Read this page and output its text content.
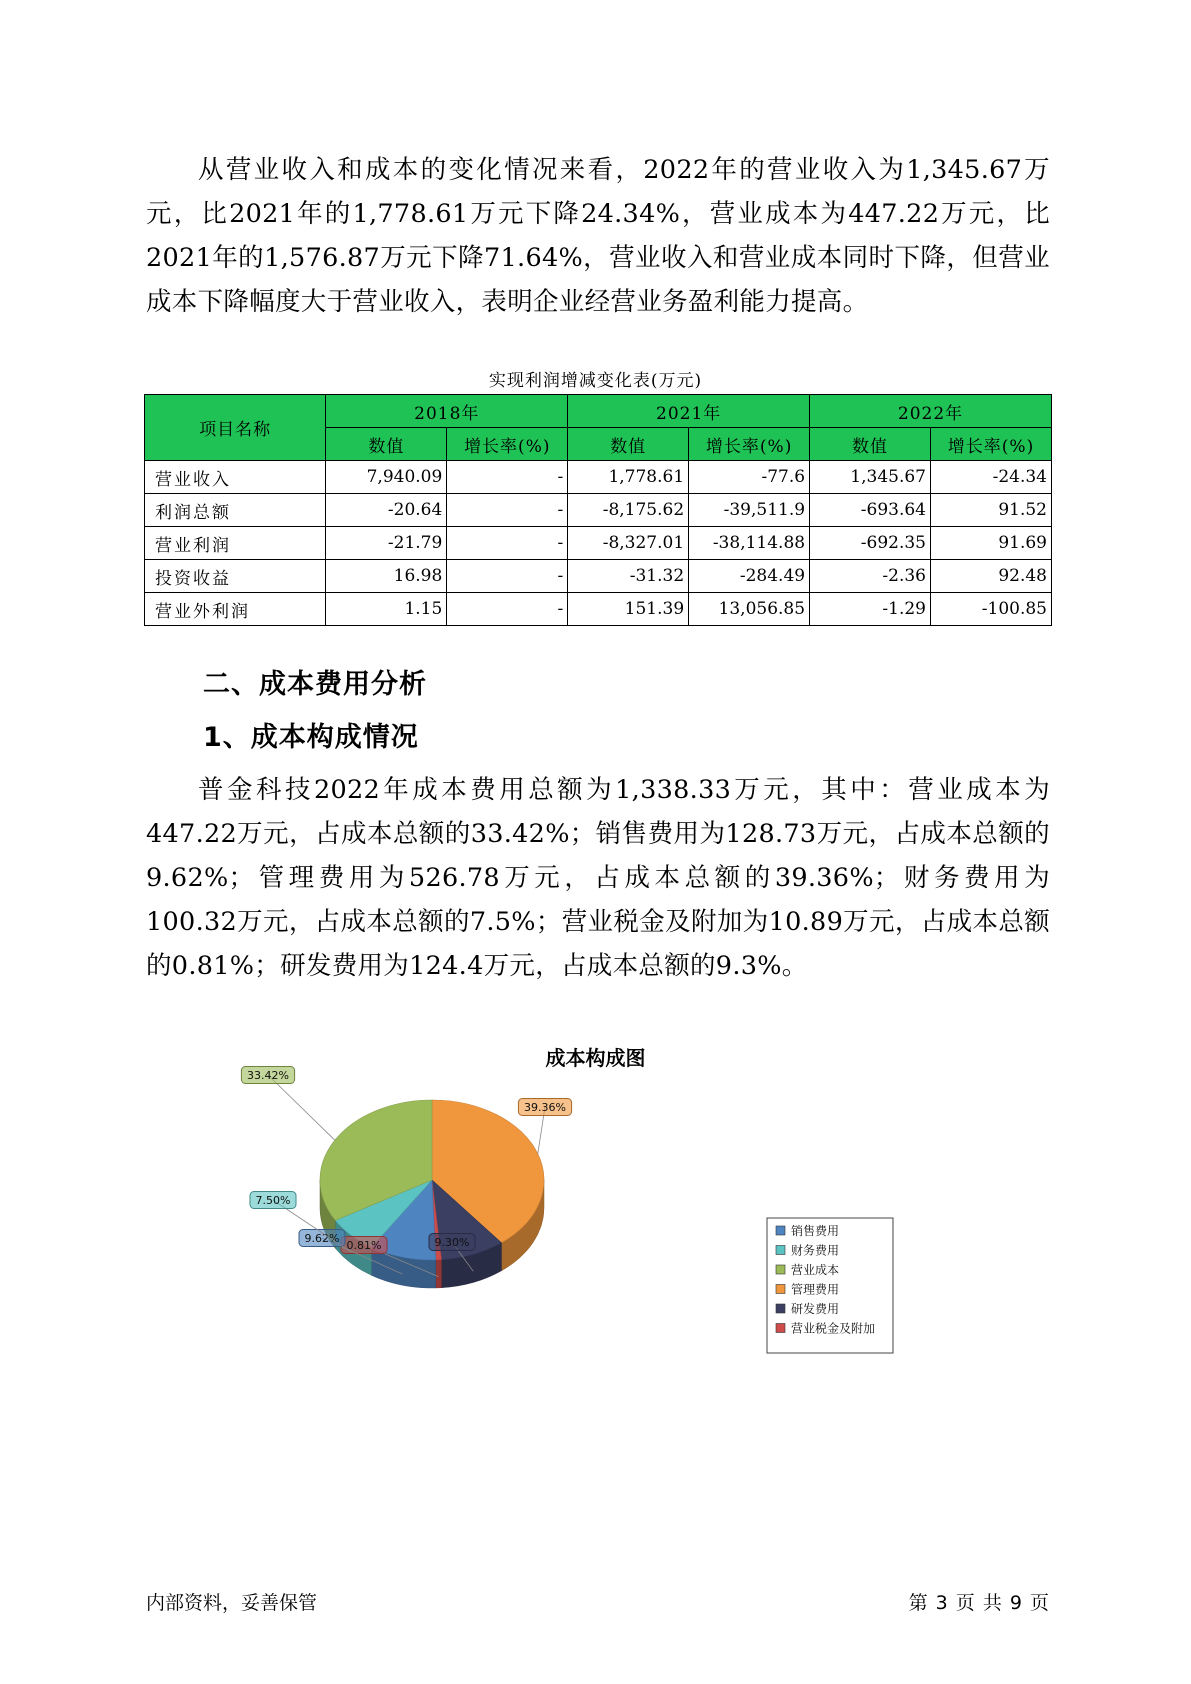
从营业收入和成本的变化情况来看，2022年的营业收入为1,345.67万元，比2021年的1,778.61万元下降24.34%，营业成本为447.22万元，比2021年的1,576.87万元下降71.64%，营业收入和营业成本同时下降，但营业成本下降幅度大于营业收入，表明企业经营业务盈利能力提高。

实现利润增减变化表(万元)
项目名称	2018年		2021年		2022年	
	数值	增长率(%)	数值	增长率(%)	数值	增长率(%)
营业收入	7,940.09	-	1,778.61	-77.6	1,345.67	-24.34
利润总额	-20.64	-	-8,175.62	-39,511.9	-693.64	91.52
营业利润	-21.79	-	-8,327.01	-38,114.88	-692.35	91.69
投资收益	16.98	-	-31.32	-284.49	-2.36	92.48
营业外利润	1.15	-	151.39	13,056.85	-1.29	-100.85
二、成本费用分析
1、成本构成情况

普金科技2022年成本费用总额为1,338.33万元，其中：营业成本为447.22万元，占成本总额的33.42%；销售费用为128.73万元，占成本总额的9.62%；管理费用为526.78万元，占成本总额的39.36%；财务费用为100.32万元，占成本总额的7.5%；营业税金及附加为10.89万元，占成本总额的0.81%；研发费用为124.4万元，占成本总额的9.3%。

成本构成图
39.36%
9.30%
0.81%
9.62%
7.50%
33.42%
销售费用
财务费用
营业成本
管理费用
研发费用
营业税金及附加
内部资料，妥善保管	第 3 页 共 9 页
